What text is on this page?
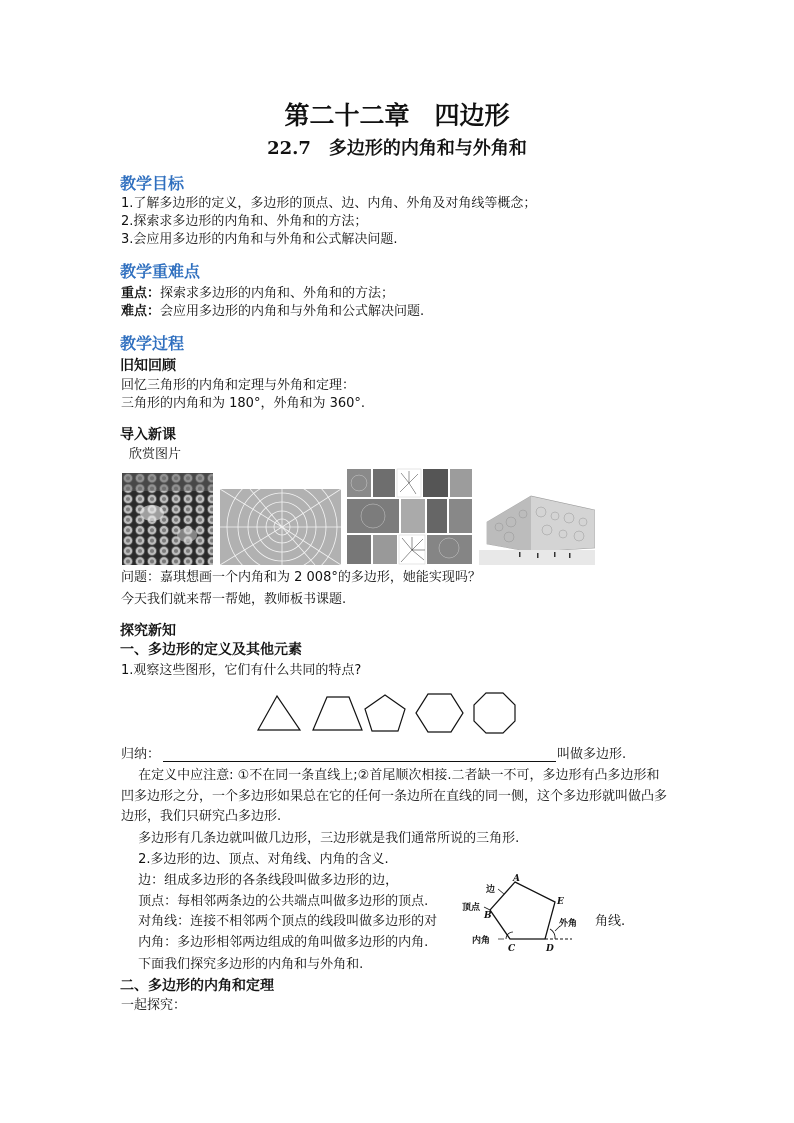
第二十二章　四边形
22.7　多边形的内角和与外角和
教学目标
1.了解多边形的定义，多边形的顶点、边、内角、外角及对角线等概念；
2.探索求多边形的内角和、外角和的方法；
3.会应用多边形的内角和与外角和公式解决问题.
教学重难点
重点：探索求多边形的内角和、外角和的方法；
难点：会应用多边形的内角和与外角和公式解决问题.
教学过程
旧知回顾
回忆三角形的内角和定理与外角和定理：
三角形的内角和为 180°，外角和为 360°.
导入新课
欣赏图片
问题：嘉琪想画一个内角和为 2 008°的多边形，她能实现吗？
今天我们就来帮一帮她，教师板书课题.
探究新知
一、多边形的定义及其他元素
1.观察这些图形，它们有什么共同的特点?
归纳：	叫做多边形.
　 在定义中应注意: ①不在同一条直线上;②首尾顺次相接.二者缺一不可，多边形有凸多边形和
凹多边形之分，一个多边形如果总在它的任何一条边所在直线的同一侧，这个多边形就叫做凸多
边形，我们只研究凸多边形.
　 多边形有几条边就叫做几边形，三边形就是我们通常所说的三角形.
　 2.多边形的边、顶点、对角线、内角的含义.
　 边：组成多边形的各条线段叫做多边形的边，
　 顶点：每相邻两条边的公共端点叫做多边形的顶点.
　 对角线：连接不相邻两个顶点的线段叫做多边形的对	角线.
　 内角：多边形相邻两边组成的角叫做多边形的内角.
　 下面我们探究多边形的内角和与外角和.
A
E
D
C
B
边
顶点
外角
内角
二、多边形的内角和定理
一起探究：
